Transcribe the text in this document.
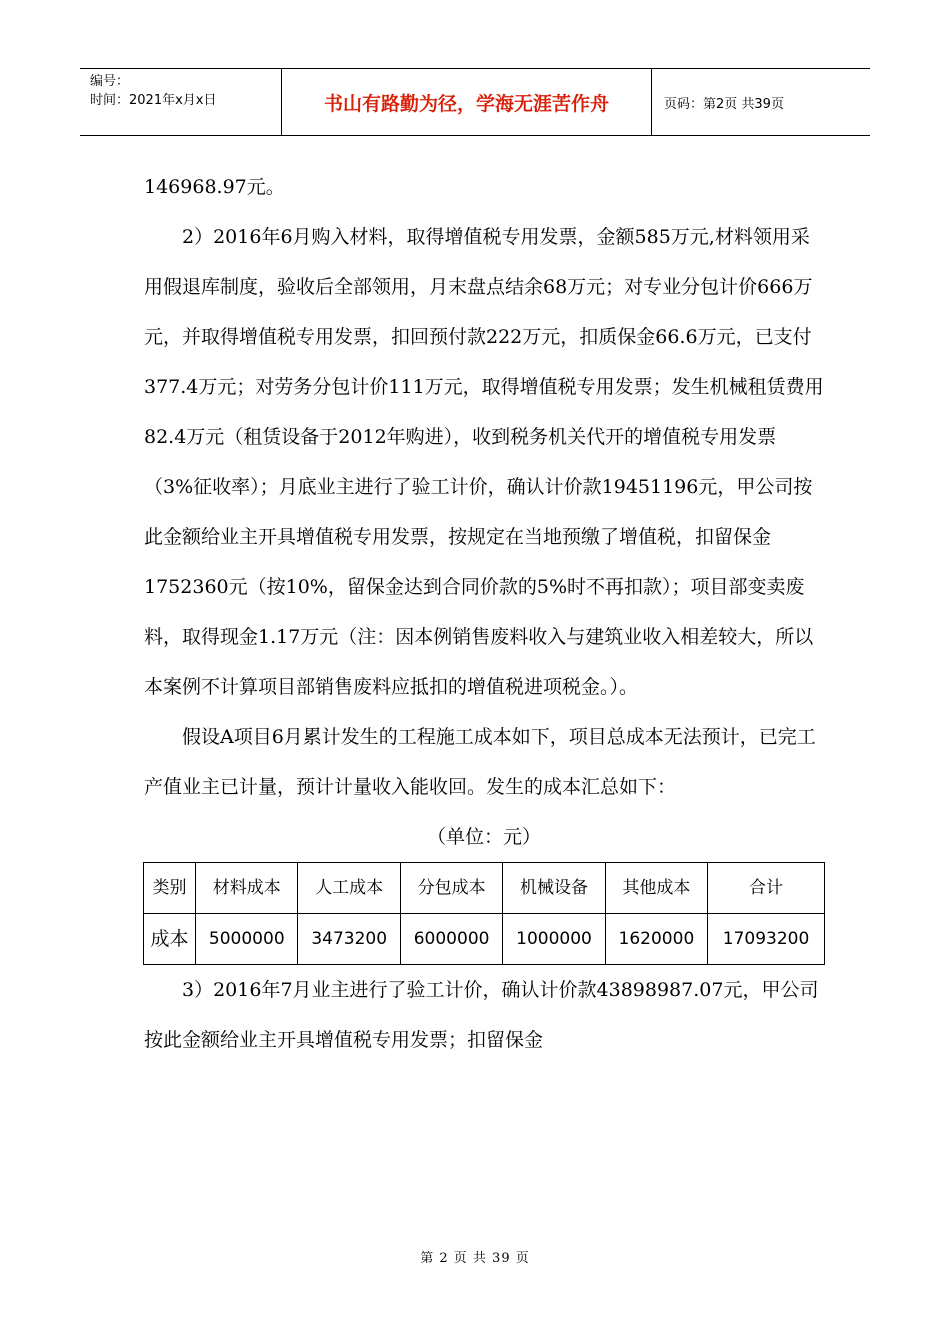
编号：
时间：2021年x月x日	书山有路勤为径，学海无涯苦作舟	页码：第2页 共39页

146968.97元。

2）2016年6月购入材料，取得增值税专用发票，金额585万元,材料领用采用假退库制度，验收后全部领用，月末盘点结余68万元；对专业分包计价666万元，并取得增值税专用发票，扣回预付款222万元，扣质保金66.6万元，已支付377.4万元；对劳务分包计价111万元，取得增值税专用发票；发生机械租赁费用82.4万元（租赁设备于2012年购进），收到税务机关代开的增值税专用发票（3%征收率）；月底业主进行了验工计价，确认计价款19451196元，甲公司按此金额给业主开具增值税专用发票，按规定在当地预缴了增值税，扣留保金1752360元（按10%，留保金达到合同价款的5%时不再扣款）；项目部变卖废料，取得现金1.17万元（注：因本例销售废料收入与建筑业收入相差较大，所以本案例不计算项目部销售废料应抵扣的增值税进项税金。）。

假设A项目6月累计发生的工程施工成本如下，项目总成本无法预计，已完工产值业主已计量，预计计量收入能收回。发生的成本汇总如下：

（单位：元）

类别	材料成本	人工成本	分包成本	机械设备	其他成本	合计
成本	5000000	3473200	6000000	1000000	1620000	17093200

3）2016年7月业主进行了验工计价，确认计价款43898987.07元，甲公司按此金额给业主开具增值税专用发票；扣留保金

第 2 页 共 39 页
